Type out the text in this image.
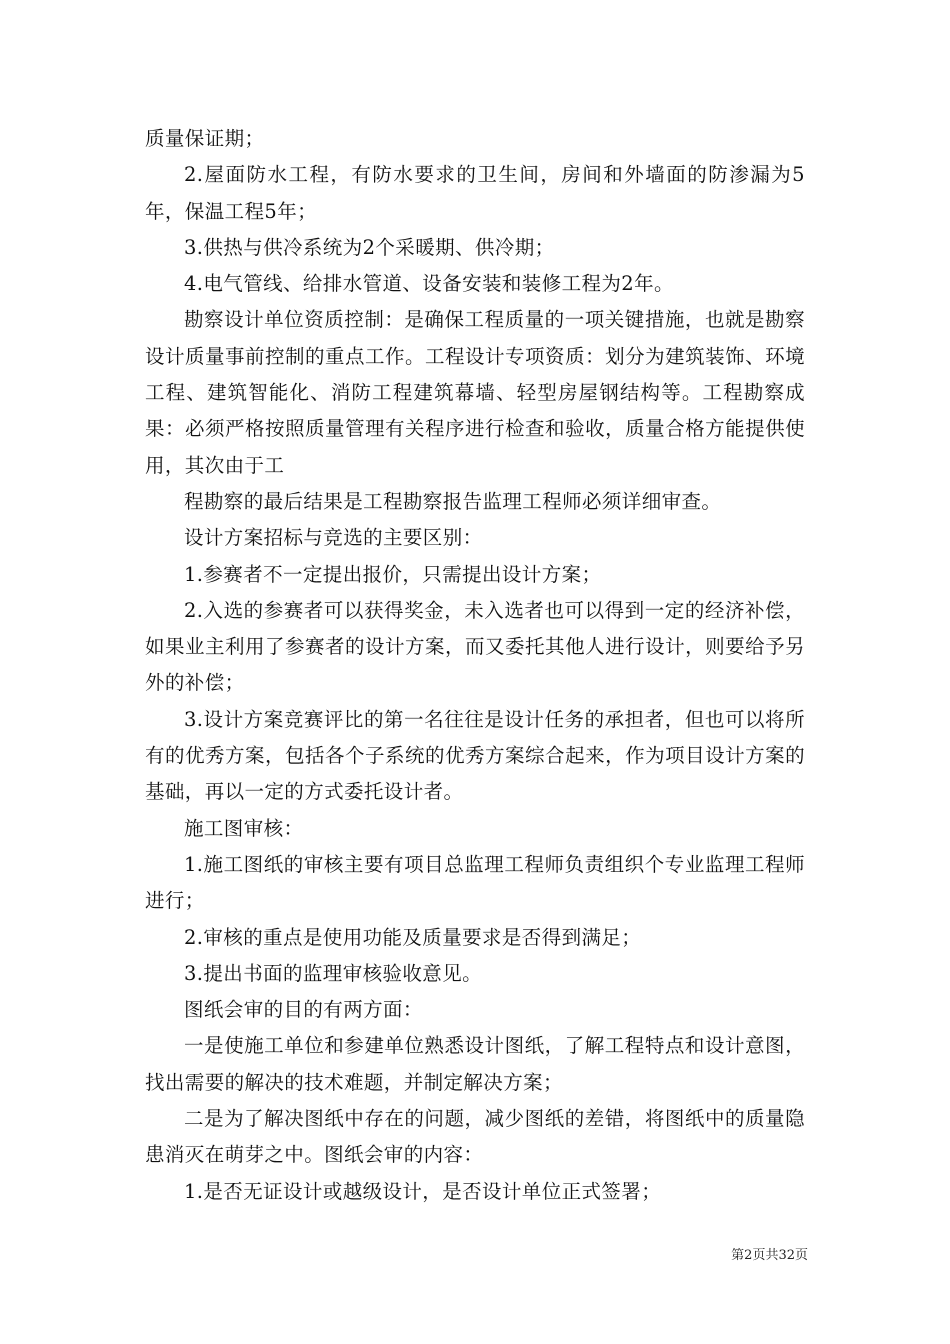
质量保证期；

2.屋面防水工程，有防水要求的卫生间，房间和外墙面的防渗漏为5年，保温工程5年；

3.供热与供冷系统为2个采暖期、供冷期；

4.电气管线、给排水管道、设备安装和装修工程为2年。

勘察设计单位资质控制：是确保工程质量的一项关键措施，也就是勘察设计质量事前控制的重点工作。工程设计专项资质：划分为建筑装饰、环境工程、建筑智能化、消防工程建筑幕墙、轻型房屋钢结构等。工程勘察成果：必须严格按照质量管理有关程序进行检查和验收，质量合格方能提供使用，其次由于工

程勘察的最后结果是工程勘察报告监理工程师必须详细审查。

设计方案招标与竞选的主要区别：

1.参赛者不一定提出报价，只需提出设计方案；

2.入选的参赛者可以获得奖金，未入选者也可以得到一定的经济补偿，如果业主利用了参赛者的设计方案，而又委托其他人进行设计，则要给予另外的补偿；

3.设计方案竞赛评比的第一名往往是设计任务的承担者，但也可以将所有的优秀方案，包括各个子系统的优秀方案综合起来，作为项目设计方案的基础，再以一定的方式委托设计者。

施工图审核：

1.施工图纸的审核主要有项目总监理工程师负责组织个专业监理工程师进行；

2.审核的重点是使用功能及质量要求是否得到满足；

3.提出书面的监理审核验收意见。

图纸会审的目的有两方面：

一是使施工单位和参建单位熟悉设计图纸，了解工程特点和设计意图，找出需要的解决的技术难题，并制定解决方案；

二是为了解决图纸中存在的问题，减少图纸的差错，将图纸中的质量隐患消灭在萌芽之中。图纸会审的内容：

1.是否无证设计或越级设计，是否设计单位正式签署；

第2页共32页
